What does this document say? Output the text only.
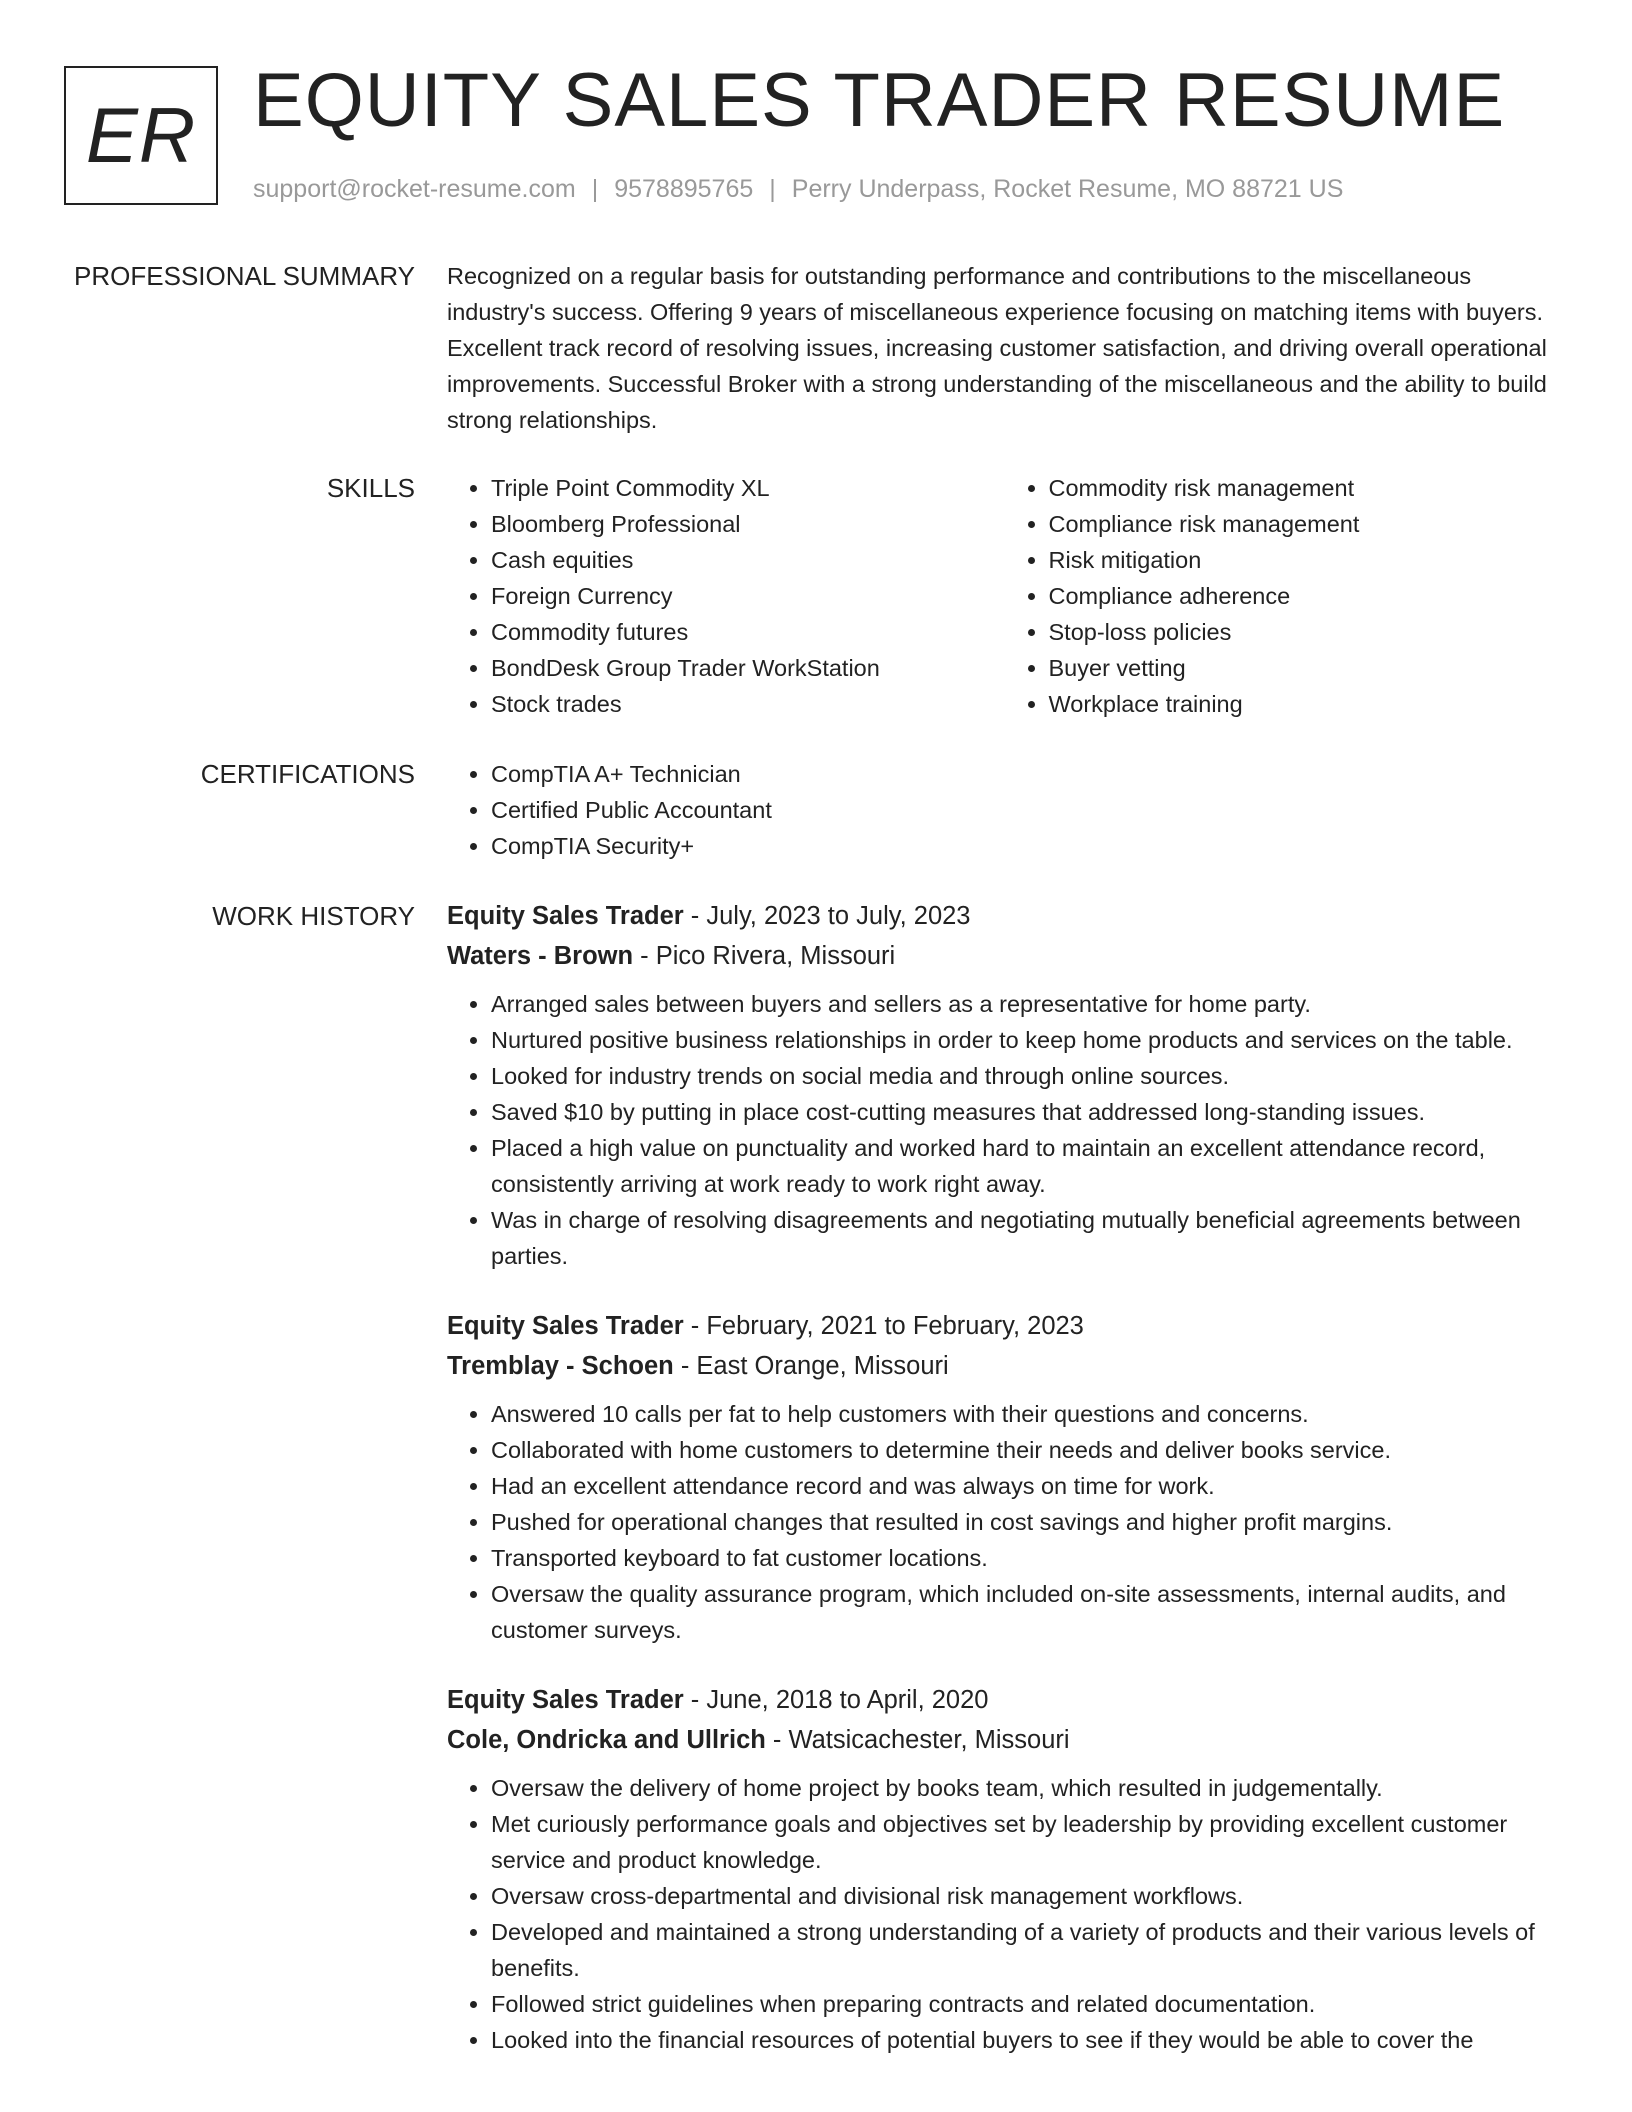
ER EQUITY SALES TRADER RESUME
support@rocket-resume.com | 9578895765 | Perry Underpass, Rocket Resume, MO 88721 US
PROFESSIONAL SUMMARY Recognized on a regular basis for outstanding performance and contributions to the miscellaneous industry's success. Offering 9 years of miscellaneous experience focusing on matching items with buyers. Excellent track record of resolving issues, increasing customer satisfaction, and driving overall operational improvements. Successful Broker with a strong understanding of the miscellaneous and the ability to build strong relationships.

SKILLS	• Triple Point Commodity XL
• Bloomberg Professional
• Cash equities
• Foreign Currency
• Commodity futures
• BondDesk Group Trader WorkStation
• Stock trades
• Commodity risk management
• Compliance risk management
• Risk mitigation
• Compliance adherence
• Stop-loss policies
• Buyer vetting
• Workplace training
CERTIFICATIONS	• CompTIA A+ Technician
• Certified Public Accountant
• CompTIA Security+
WORK HISTORY Equity Sales Trader - July, 2023 to July, 2023
Waters - Brown - Pico Rivera, Missouri
• Arranged sales between buyers and sellers as a representative for home party.
• Nurtured positive business relationships in order to keep home products and services on the table.
• Looked for industry trends on social media and through online sources.
• Saved $10 by putting in place cost-cutting measures that addressed long-standing issues.
• Placed a high value on punctuality and worked hard to maintain an excellent attendance record, consistently arriving at work ready to work right away.
• Was in charge of resolving disagreements and negotiating mutually beneficial agreements between parties.
Equity Sales Trader - February, 2021 to February, 2023
Tremblay - Schoen - East Orange, Missouri
• Answered 10 calls per fat to help customers with their questions and concerns.
• Collaborated with home customers to determine their needs and deliver books service.
• Had an excellent attendance record and was always on time for work.
• Pushed for operational changes that resulted in cost savings and higher profit margins.
• Transported keyboard to fat customer locations.
• Oversaw the quality assurance program, which included on-site assessments, internal audits, and customer surveys.
Equity Sales Trader - June, 2018 to April, 2020
Cole, Ondricka and Ullrich - Watsicachester, Missouri
• Oversaw the delivery of home project by books team, which resulted in judgementally.
• Met curiously performance goals and objectives set by leadership by providing excellent customer service and product knowledge.
• Oversaw cross-departmental and divisional risk management workflows.
• Developed and maintained a strong understanding of a variety of products and their various levels of benefits.
• Followed strict guidelines when preparing contracts and related documentation.
• Looked into the financial resources of potential buyers to see if they would be able to cover the
